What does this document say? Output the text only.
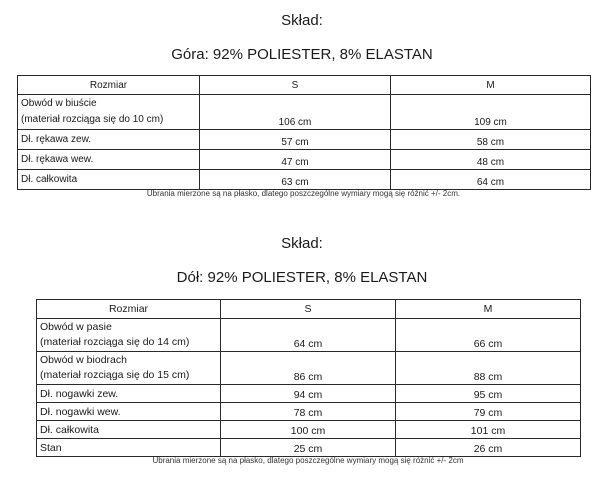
Skład:
Góra: 92% POLIESTER, 8% ELASTAN
Rozmiar	S	M

Obwód w biuście
(materiał rozciąga się do 10 cm)	106 cm	109 cm
Dł. rękawa zew.	57 cm	58 cm
Dł. rękawa wew.	47 cm	48 cm
Dł. całkowita	63 cm	64 cm
Ubrania mierzone są na płasko, dlatego poszczególne wymiary mogą się różnić +/- 2cm.
Skład:
Dół: 92% POLIESTER, 8% ELASTAN
Rozmiar	S	M

Obwód w pasie
(materiał rozciąga się do 14 cm)	64 cm	66 cm

Obwód w biodrach
(materiał rozciąga się do 15 cm)	86 cm	88 cm
Dł. nogawki zew.	94 cm	95 cm
Dł. nogawki wew.	78 cm	79 cm
Dł. całkowita	100 cm	101 cm
Stan	25 cm	26 cm
Ubrania mierzone są na płasko, dlatego poszczególne wymiary mogą się różnić +/- 2cm
